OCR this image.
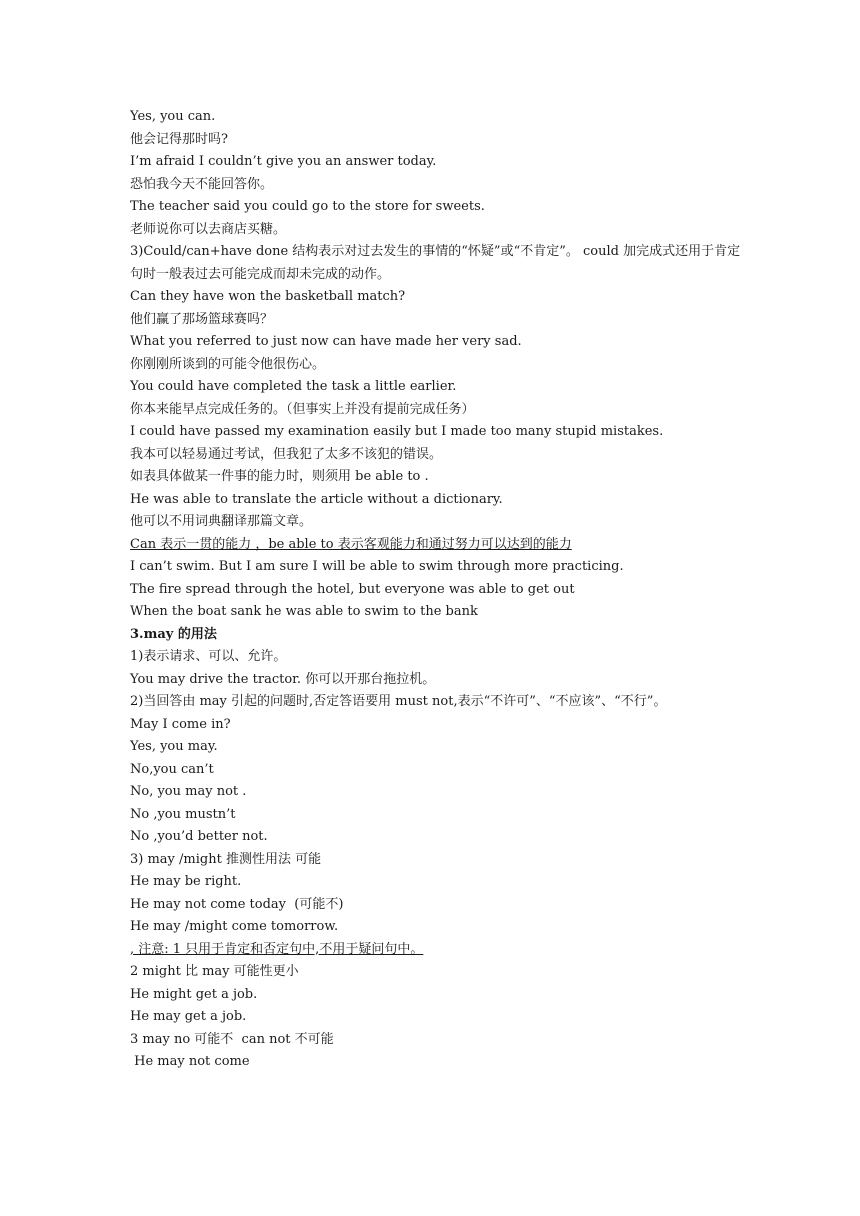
Yes, you can.
他会记得那时吗?
I’m afraid I couldn’t give you an answer today.
恐怕我今天不能回答你。
The teacher said you could go to the store for sweets.
老师说你可以去商店买糖。
3)Could/can+have done 结构表示对过去发生的事情的“怀疑”或“不肯定”。 could 加完成式还用于肯定句时一般表过去可能完成而却未完成的动作。
Can they have won the basketball match?
他们赢了那场篮球赛吗？
What you referred to just now can have made her very sad.
你刚刚所谈到的可能令他很伤心。
You could have completed the task a little earlier.
你本来能早点完成任务的。（但事实上并没有提前完成任务）
I could have passed my examination easily but I made too many stupid mistakes.
我本可以轻易通过考试，但我犯了太多不该犯的错误。
如表具体做某一件事的能力时，则须用 be able to .
He was able to translate the article without a dictionary.
他可以不用词典翻译那篇文章。
Can 表示一贯的能力 ，be able to 表示客观能力和通过努力可以达到的能力
I can’t swim. But I am sure I will be able to swim through more practicing.
The fire spread through the hotel, but everyone was able to get out
When the boat sank he was able to swim to the bank
3.may 的用法
1)表示请求、可以、允许。
You may drive the tractor. 你可以开那台拖拉机。
2)当回答由 may 引起的问题时,否定答语要用 must not,表示“不许可”、“不应该”、“不行”。
May I come in?
Yes, you may.
No,you can’t
No, you may not .
No ,you mustn’t
No ,you’d better not.
3) may /might 推测性用法 可能
He may be right.
He may not come today  (可能不)
He may /might come tomorrow.
, 注意: 1 只用于肯定和否定句中,不用于疑问句中。
2 might 比 may 可能性更小
He might get a job.
He may get a job.
3 may no 可能不  can not 不可能
He may not come
